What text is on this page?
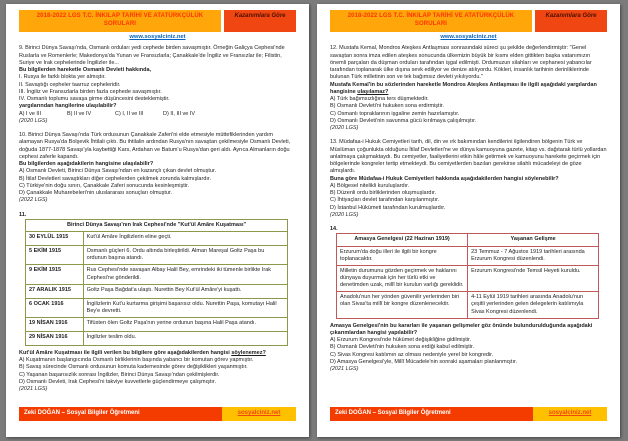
2018-2022 LGS T.C. İNKILAP TARİHİ VE ATATÜRKÇÜLÜK SORULARI
Kazanımlara Göre
www.sosyalciniz.net

9. Birinci Dünya Savaşı'nda, Osmanlı orduları yedi cephede birden savaşmıştır. Örneğin Galiçya Cephesi'nde Ruslarla ve Romenlerle; Makedonya'da Yunan ve Fransızlarla; Çanakkale'de İngiliz ve Fransızlar ile; Filistin, Suriye ve Irak cephelerinde İngilizler ile...

Bu bilgilerden hareketle Osmanlı Devleti hakkında,

I. Rusya ile farklı blokta yer almıştır.

II. Savaştığı cepheler taarruz cepheleridir.

III. İngiliz ve Fransızlarla birden fazla cephede savaşmıştır.

IV. Osmanlı toplumu savaşa girme düşüncesini desteklemiştir.

yargılarından hangilerine ulaşılabilir?

A) I ve III	B) II ve IV	C) I, II ve III	D) II, III ve IV

(2020 LGS)

10. Birinci Dünya Savaşı'nda Türk ordusunun Çanakkale Zaferi'ni elde etmesiyle müttefiklerinden yardım alamayan Rusya'da Bolşevik İhtilali çıktı. Bu ihtilalin ardından Rusya'nın savaştan çekilmesiyle Osmanlı Devleti, doğuda 1877-1878 Savaşı'yla kaybettiği Kars, Ardahan ve Batum'u Rusya'dan geri aldı. Ayrıca Almanların doğu cephesi zaferle kapandı.

Bu bilgilerden aşağıdakilerin hangisine ulaşılabilir?

A) Osmanlı Devleti, Birinci Dünya Savaşı'ndan en kazançlı çıkan devlet olmuştur.

B) İtilaf Devletleri savaştıkları diğer cephelerden çekilmek zorunda kalmışlardır.

C) Türkiye'nin doğu sınırı, Çanakkale Zaferi sonucunda kesinleşmiştir.

D) Çanakkale Muharebeleri'nin uluslararası sonuçları olmuştur.

(2022 LGS)

11.

Birinci Dünya Savaşı'nın Irak Cephesi'nde "Kut'ül Amâre Kuşatması"	
30 EYLÜL 1915	Kut'ül Amâre İngilizlerin eline geçti.
5 EKİM 1915	Osmanlı güçleri 6. Ordu altında birleştirildi. Alman Mareşal Goltz Paşa bu ordunun başına atandı.
9 EKİM 1915	Rus Cephesi'nde savaşan Albay Halil Bey, emrindeki iki tümenle birlikte Irak Cephesi'ne gönderildi.
27 ARALIK 1915	Goltz Paşa Bağdat'a ulaştı. Nurettin Bey Kut'ül Amâre'yi kuşattı.
6 OCAK 1916	İngilizlerin Kut'u kurtarma girişimi başarısız oldu. Nurettin Paşa, komutayı Halil Bey'e devretti.
19 NİSAN 1916	Tifüsten ölen Goltz Paşa'nın yerine ordunun başına Halil Paşa atandı.
29 NİSAN 1916	İngilizler teslim oldu.

Kut'ül Amâre Kuşatması ile ilgili verilen bu bilgilere göre aşağıdakilerden hangisi söylenemez?

A) Kuşatmanın başlangıcında Osmanlı birliklerinin başında yabancı bir komutan görev yapmıştır.

B) Savaş sürecinde Osmanlı ordusunun komuta kademesinde görev değişiklikleri yaşanmıştır.

C) Yaşanan başarısızlık sonrası İngilizler, Birinci Dünya Savaşı'ndan çekilmişlerdir.

D) Osmanlı Devleti, Irak Cephesi'ni takviye kuvvetlerle güçlendirmeye çalışmıştır.

(2021 LGS)

Zeki DOĞAN – Sosyal Bilgiler Öğretmeni	sosyalciniz.net
2018-2022 LGS T.C. İNKILAP TARİHİ VE ATATÜRKÇÜLÜK SORULARI
Kazanımlara Göre
www.sosyalciniz.net

12. Mustafa Kemal, Mondros Ateşkes Antlaşması sonrasındaki süreci şu şekilde değerlendirmiştir: "Genel savaştan sonra imza edilen ateşkes sonucunda ülkemizin büyük bir kısmı elden gittikten başka vatanımızın önemli parçaları da düşman orduları tarafından işgal edilmişti. Ordumuzun silahları ve cephanesi yabancılar tarafından toplanarak ülke dışına sevk ediliyor ve denize atılıyordu. Kökleri, insanlık tarihinin derinliklerinde bulunan Türk milletinin son ve tek bağımsız devleti yıkılıyordu."

Mustafa Kemal'in bu sözlerinden hareketle Mondros Ateşkes Antlaşması ile ilgili aşağıdaki yargılardan hangisine ulaşılamaz?

A) Türk bağımsızlığına ters düşmektedir.

B) Osmanlı Devleti'ni hukuken sona erdirmiştir.

C) Osmanlı topraklarının işgaline zemin hazırlamıştır.

D) Osmanlı Devleti'nin savunma gücü kırılmaya çalışılmıştır.

(2020 LGS)

13. Müdafaa-i Hukuk Cemiyetleri tarih, dil, din ve ırk bakımından kendilerini ilgilendiren bölgenin Türk ve Müslüman çoğunlukta olduğunu İtilaf Devletleri'ne ve dünya kamuoyuna gazete, kitap vs. dağıtarak türlü yollardan anlatmaya çalışmaktaydı. Bu cemiyetler, faaliyetlerini etkin hâle getirmek ve kamuoyunu harekete geçirmek için bölgelerinde kongreler tertip etmekteydi. Bu cemiyetlerden bazıları gerekirse silahlı mücadeleyi de göze almışlardı.

Buna göre Müdafaa-i Hukuk Cemiyetleri hakkında aşağıdakilerden hangisi söylenebilir?

A) Bölgesel nitelikli kuruluşlardır.

B) Düzenli ordu birliklerinden oluşmuşlardır.

C) İhtiyaçları devlet tarafından karşılanmıştır.

D) İstanbul Hükümeti tarafından kurulmuşlardır.

(2020 LGS)

14.

Amasya Genelgesi (22 Haziran 1919)	Yaşanan Gelişme
Erzurum'da doğu illeri ile ilgili bir kongre toplanacaktır.	23 Temmuz - 7 Ağustos 1919 tarihleri arasında Erzurum Kongresi düzenlendi.
Milletin durumunu gözden geçirmek ve haklarını dünyaya duyurmak için her türlü etki ve denetimden uzak, millî bir kurulun varlığı gereklidir.	Erzurum Kongresi'nde Temsil Heyeti kuruldu.
Anadolu'nun her yönden güvenilir yerlerinden biri olan Sivas'ta millî bir kongre düzenlenecektir.	4-11 Eylül 1919 tarihleri arasında Anadolu'nun çeşitli yerlerinden gelen delegelerin katılımıyla Sivas Kongresi düzenlendi.

Amasya Genelgesi'nin bu kararları ile yaşanan gelişmeler göz önünde bulundurulduğunda aşağıdaki çıkarımlardan hangisi yapılabilir?

A) Erzurum Kongresi'nde hükümet değişikliğine gidilmiştir.

B) Osmanlı Devleti'nin hukuken sona erdiği kabul edilmiştir.

C) Sivas Kongresi katılımın az olması nedeniyle yerel bir kongredir.

D) Amasya Genelgesi'yle, Millî Mücadele'nin sonraki aşamaları planlanmıştır.

(2021 LGS)

Zeki DOĞAN – Sosyal Bilgiler Öğretmeni	sosyalciniz.net
